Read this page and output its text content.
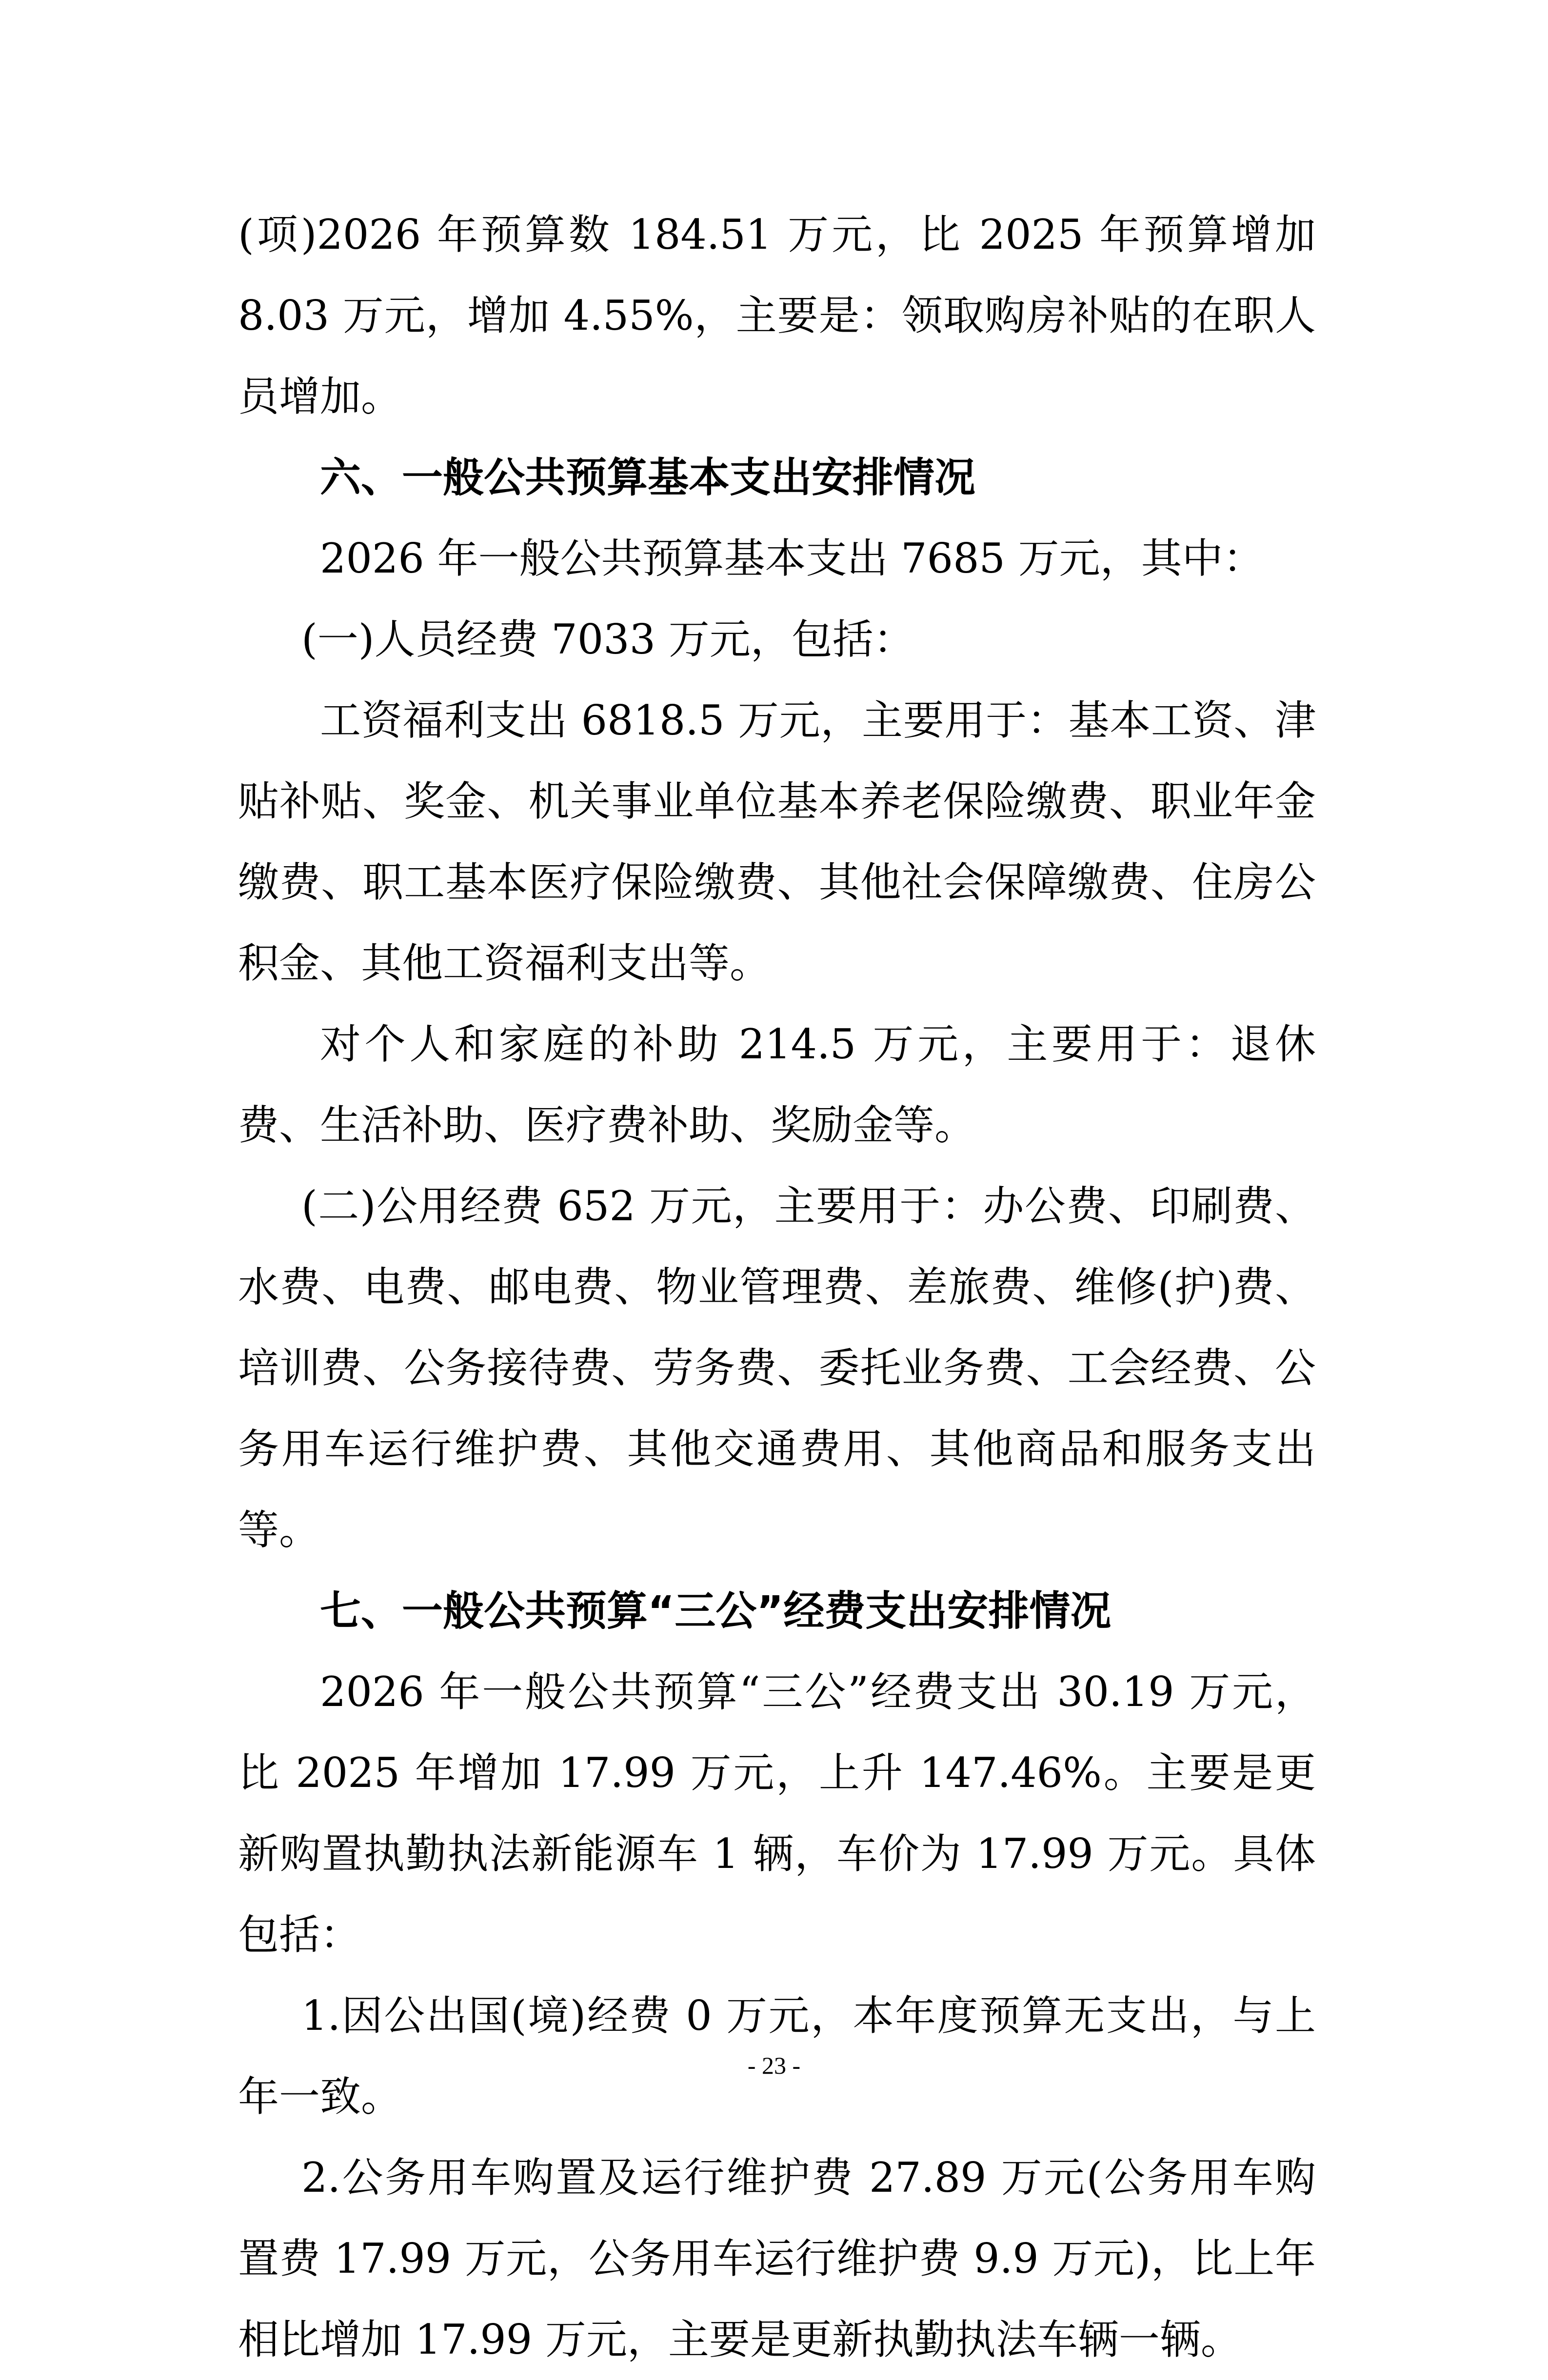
(项)2026 年预算数 184.51 万元，比 2025 年预算增加 8.03 万元，增加 4.55%，主要是：领取购房补贴的在职人员增加。

六、一般公共预算基本支出安排情况

2026 年一般公共预算基本支出 7685 万元，其中：

(一)人员经费 7033 万元，包括：

工资福利支出 6818.5 万元，主要用于：基本工资、津贴补贴、奖金、机关事业单位基本养老保险缴费、职业年金缴费、职工基本医疗保险缴费、其他社会保障缴费、住房公积金、其他工资福利支出等。

对个人和家庭的补助 214.5 万元，主要用于：退休费、生活补助、医疗费补助、奖励金等。

(二)公用经费 652 万元，主要用于：办公费、印刷费、水费、电费、邮电费、物业管理费、差旅费、维修(护)费、培训费、公务接待费、劳务费、委托业务费、工会经费、公务用车运行维护费、其他交通费用、其他商品和服务支出等。

七、一般公共预算“三公”经费支出安排情况

2026 年一般公共预算“三公”经费支出 30.19 万元，比 2025 年增加 17.99 万元，上升 147.46%。主要是更新购置执勤执法新能源车 1 辆，车价为 17.99 万元。具体包括：

1.因公出国(境)经费 0 万元，本年度预算无支出，与上年一致。

2.公务用车购置及运行维护费 27.89 万元(公务用车购置费 17.99 万元，公务用车运行维护费 9.9 万元)，比上年相比增加 17.99 万元，主要是更新执勤执法车辆一辆。

- 23 -
